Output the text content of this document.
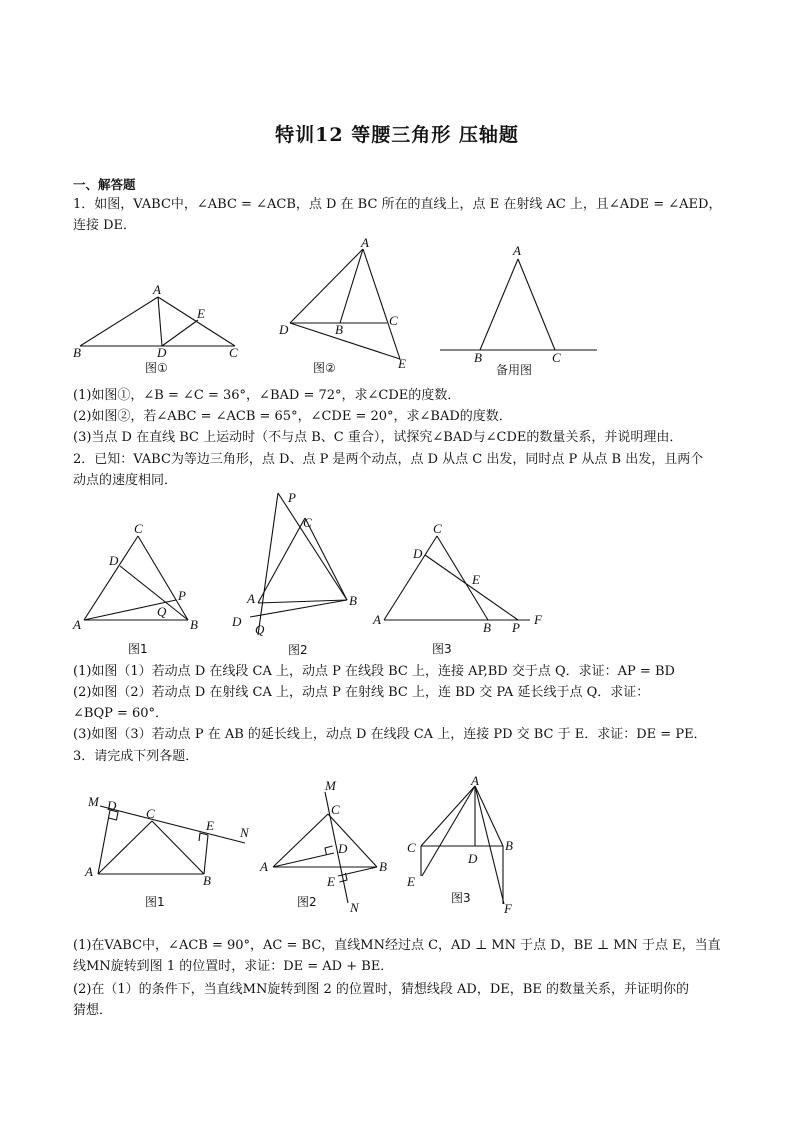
特训12 等腰三角形 压轴题
一、解答题
1．如图，VABC中，∠ABC = ∠ACB，点 D 在 BC 所在的直线上，点 E 在射线 AC 上，且∠ADE = ∠AED，
连接 DE．
A
E
B	D	C
图①
A
D	B
C
E
图②
A
B	C
备用图
(1)如图①，∠B = ∠C = 36°，∠BAD = 72°，求∠CDE的度数．
(2)如图②，若∠ABC = ∠ACB = 65°，∠CDE = 20°，求∠BAD的度数．
(3)当点 D 在直线 BC 上运动时（不与点 B、C 重合），试探究∠BAD与∠CDE的数量关系，并说明理由．
2．已知：VABC为等边三角形，点 D、点 P 是两个动点，点 D 从点 C 出发，同时点 P 从点 B 出发，且两个
动点的速度相同．
C
D
P
Q
A	B
图1
P
C
A	B
D
Q
图2
C
D
E
A
B P
F
图3
(1)如图（1）若动点 D 在线段 CA 上，动点 P 在线段 BC 上，连接 AP,BD 交于点 Q．求证：AP = BD
(2)如图（2）若动点 D 在射线 CA 上，动点 P 在射线 BC 上，连 BD 交 PA 延长线于点 Q．求证：
∠BQP = 60°．
(3)如图（3）若动点 P 在 AB 的延长线上，动点 D 在线段 CA 上，连接 PD 交 BC 于 E．求证：DE = PE．
3．请完成下列各题．
M D
C
E N
A
B
图1
M
C
D
A	B
E
N
图2
A
C
D
B
E
图3
F
(1)在VABC中，∠ACB = 90°，AC = BC，直线MN经过点 C，AD ⊥ MN 于点 D，BE ⊥ MN 于点 E，当直
线MN旋转到图 1 的位置时，求证：DE = AD + BE．
(2)在（1）的条件下，当直线MN旋转到图 2 的位置时，猜想线段 AD，DE，BE 的数量关系，并证明你的
猜想．
